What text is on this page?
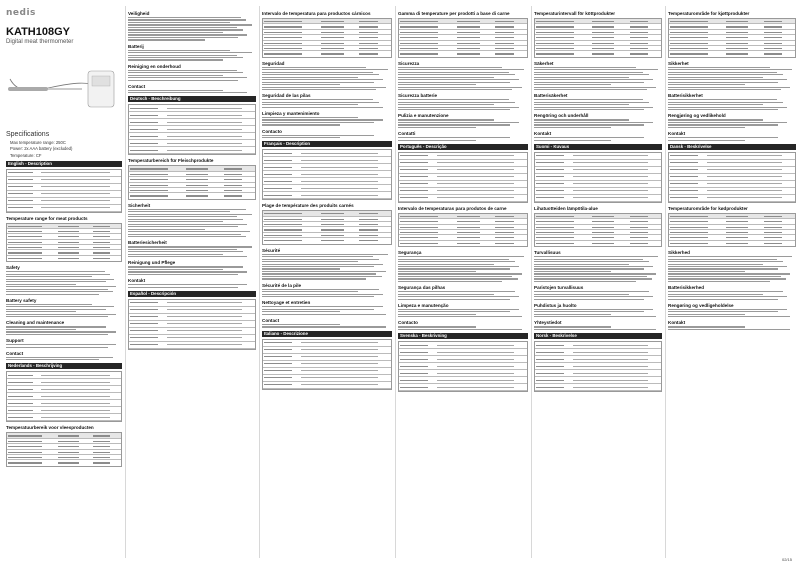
nedis
KATH108GY
Digital meat thermometer
Specifications
Max temperature range: 250C
Power: 2x AAA battery (excluded)
Temperature: CF
English - Description
Temperature range for meat products
Safety
Battery safety
Cleaning and maintenance
Support
Contact
Nederlands - Beschrijving
Temperatuurbereik voor vleesproducten
Veiligheid
Batterij
Reiniging en onderhoud
Contact
Deutsch - Beschreibung
Temperaturbereich für Fleischprodukte
Sicherheit
Batteriesicherheit
Reinigung und Pflege
Kontakt
Español - Descripción
Intervalo de temperatura para productos cárnicos
Seguridad
Seguridad de las pilas
Limpieza y mantenimiento
Contacto
Français - Description
Plage de température des produits carnés
Sécurité
Sécurité de la pile
Nettoyage et entretien
Contact
Italiano - Descrizione
Gamma di temperature per prodotti a base di carne
Sicurezza
Sicurezza batterie
Pulizia e manutenzione
Contatti
Português - Descrição
Intervalo de temperaturas para produtos de carne
Segurança
Segurança das pilhas
Limpeza e manutenção
Contacto
Svenska - Beskrivning
Temperaturintervall för köttprodukter
Säkerhet
Batterisäkerhet
Rengöring och underhåll
Kontakt
Suomi - Kuvaus
Lihatuotteiden lämpötila-alue
Turvallisuus
Paristojen turvallisuus
Puhdistus ja huolto
Yhteystiedot
Norsk - Beskrivelse
Temperaturområde for kjøttprodukter
Sikkerhet
Batterisikkerhet
Rengjøring og vedlikehold
Kontakt
Dansk - Beskrivelse
Temperaturområde for kødprodukter
Sikkerhed
Batterisikkerhed
Rengøring og vedligeholdelse
Kontakt
02/15
